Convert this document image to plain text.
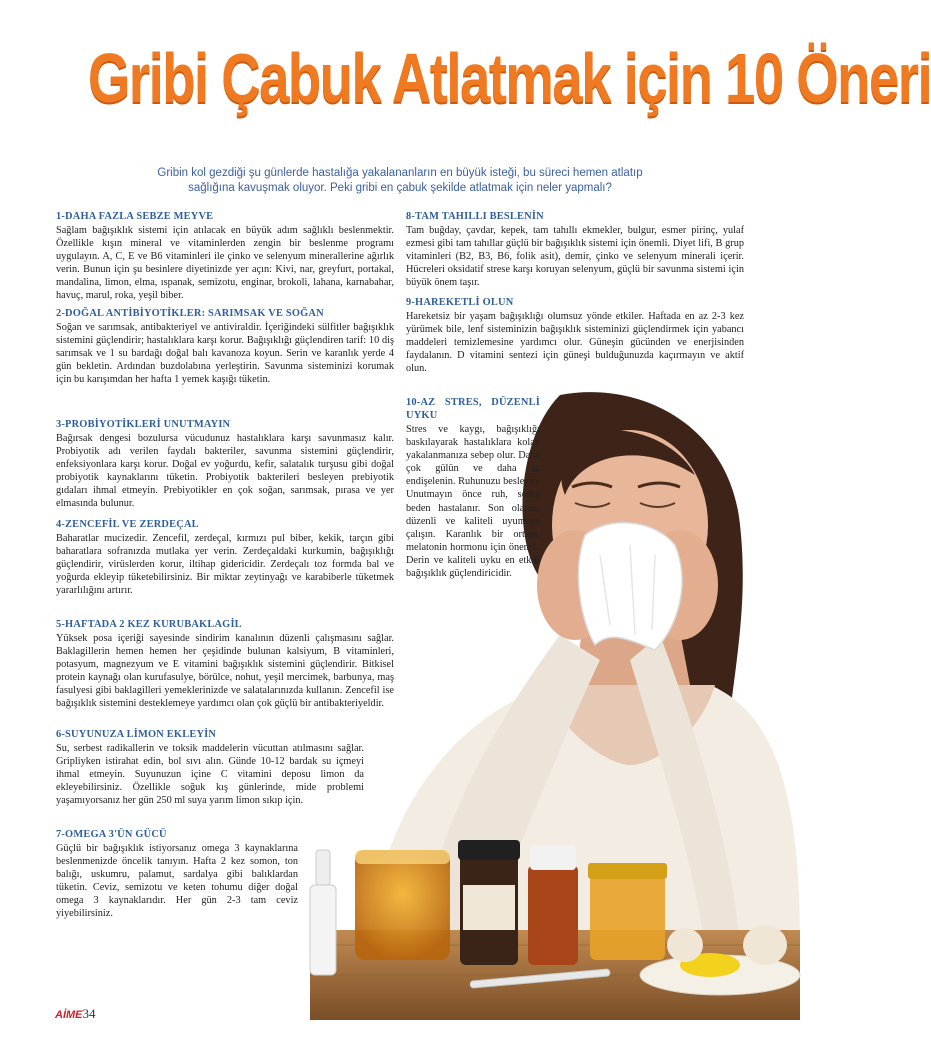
Gribi Çabuk Atlatmak için 10 Öneri
Gribin kol gezdiği şu günlerde hastalığa yakalananların en büyük isteği, bu süreci hemen atlatıp sağlığına kavuşmak oluyor. Peki gribi en çabuk şekilde atlatmak için neler yapmalı?
1-DAHA FAZLA SEBZE MEYVE

Sağlam bağışıklık sistemi için atılacak en büyük adım sağlıklı beslenmektir. Özellikle kışın mineral ve vitaminlerden zengin bir beslenme programı uygulayın. A, C, E ve B6 vitaminleri ile çinko ve selenyum minerallerine ağırlık verin. Bunun için şu besinlere diyetinizde yer açın: Kivi, nar, greyfurt, portakal, mandalina, limon, elma, ıspanak, semizotu, enginar, brokoli, lahana, karnabahar, havuç, marul, roka, yeşil biber.

2-DOĞAL ANTİBİYOTİKLER: SARIMSAK VE SOĞAN

Soğan ve sarımsak, antibakteriyel ve antiviraldir. İçeriğindeki sülfitler bağışıklık sistemini güçlendirir; hastalıklara karşı korur. Bağışıklığı güçlendiren tarif: 10 diş sarımsak ve 1 su bardağı doğal balı kavanoza koyun. Serin ve karanlık yerde 4 gün bekletin. Ardından buzdolabına yerleştirin. Savunma sisteminizi korumak için bu karışımdan her hafta 1 yemek kaşığı tüketin.

3-PROBİYOTİKLERİ UNUTMAYIN

Bağırsak dengesi bozulursa vücudunuz hastalıklara karşı savunmasız kalır. Probiyotik adı verilen faydalı bakteriler, savunma sistemini güçlendirir, enfeksiyonlara karşı korur. Doğal ev yoğurdu, kefir, salatalık turşusu gibi doğal probiyotik kaynaklarını tüketin. Probiyotik bakterileri besleyen prebiyotik gıdaları ihmal etmeyin. Prebiyotikler en çok soğan, sarımsak, pırasa ve yer elmasında bulunur.

4-ZENCEFİL VE ZERDEÇAL

Baharatlar mucizedir. Zencefil, zerdeçal, kırmızı pul biber, kekik, tarçın gibi baharatlara sofranızda mutlaka yer verin. Zerdeçaldaki kurkumin, bağışıklığı güçlendirir, virüslerden korur, iltihap gidericidir. Zerdeçalı toz formda bal ve yoğurda ekleyip tüketebilirsiniz. Bir miktar zeytinyağı ve karabiberle tüketmek yararlılığını artırır.

5-HAFTADA 2 KEZ KURUBAKLAGİL

Yüksek posa içeriği sayesinde sindirim kanalının düzenli çalışmasını sağlar. Baklagillerin hemen hemen her çeşidinde bulunan kalsiyum, B vitaminleri, potasyum, magnezyum ve E vitamini bağışıklık sistemini güçlendirir. Bitkisel protein kaynağı olan kurufasulye, börülce, nohut, yeşil mercimek, barbunya, maş fasulyesi gibi baklagilleri yemeklerinizde ve salatalarınızda kullanın. Zencefil ise bağışıklık sistemini desteklemeye yardımcı olan çok güçlü bir antibakteriyeldir.

6-SUYUNUZA LİMON EKLEYİN

Su, serbest radikallerin ve toksik maddelerin vücuttan atılmasını sağlar. Gripliyken istirahat edin, bol sıvı alın. Günde 10-12 bardak su içmeyi ihmal etmeyin. Suyunuzun içine C vitamini deposu limon da ekleyebilirsiniz. Özellikle soğuk kış günlerinde, mide problemi yaşamıyorsanız her gün 250 ml suya yarım limon sıkıp için.

7-OMEGA 3'ÜN GÜCÜ

Güçlü bir bağışıklık istiyorsanız omega 3 kaynaklarına beslenmenizde öncelik tanıyın. Hafta 2 kez somon, ton balığı, uskumru, palamut, sardalya gibi balıklardan tüketin. Ceviz, semizotu ve keten tohumu diğer doğal omega 3 kaynaklarıdır. Her gün 2-3 tam ceviz yiyebilirsiniz.

8-TAM TAHILLI BESLENİN

Tam buğday, çavdar, kepek, tam tahıllı ekmekler, bulgur, esmer pirinç, yulaf ezmesi gibi tam tahıllar güçlü bir bağışıklık sistemi için önemli. Diyet lifi, B grup vitaminleri (B2, B3, B6, folik asit), demir, çinko ve selenyum minerali içerir. Hücreleri oksidatif strese karşı koruyan selenyum, güçlü bir savunma sistemi için büyük önem taşır.

9-HAREKETLİ OLUN

Hareketsiz bir yaşam bağışıklığı olumsuz yönde etkiler. Haftada en az 2-3 kez yürümek bile, lenf sisteminizin bağışıklık sisteminizi güçlendirmek için yabancı maddeleri temizlemesine yardımcı olur. Güneşin gücünden ve enerjisinden faydalanın. D vitamini sentezi için güneşi bulduğunuzda kaçırmayın ve aktif olun.

10-AZ STRES, DÜZENLİ UYKU

Stres ve kaygı, bağışıklığı baskılayarak hastalıklara kolay yakalanmanıza sebep olur. Daha çok gülün ve daha az endişelenin. Ruhunuzu besleyin. Unutmayın önce ruh, sonra beden hastalanır. Son olarak, düzenli ve kaliteli uyumaya çalışın. Karanlık bir ortam, melatonin hormonu için önemli. Derin ve kaliteli uyku en etkili bağışıklık güçlendiricidir.

AİME34
